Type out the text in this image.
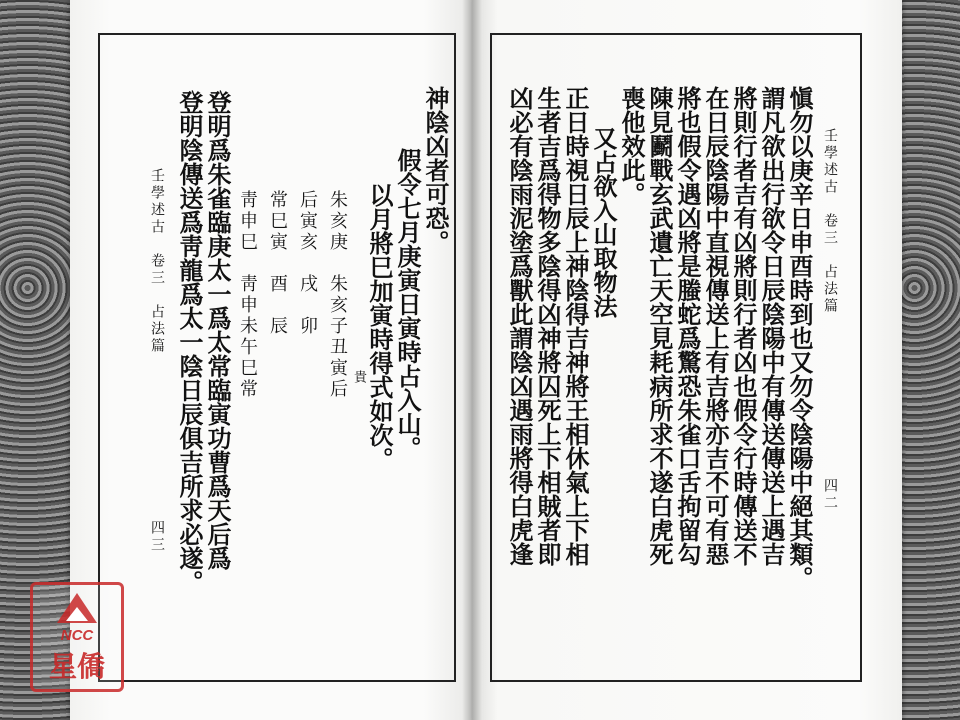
NCC
星僑
壬學述古　卷三　占法篇
四二
愼勿以庚辛日申酉時到也又勿令陰陽中絕其類。
謂凡欲出行欲令日辰陰陽中有傳送傳送上遇吉
將則行者吉有凶將則行者凶也假令行時傳送不
在日辰陰陽中直視傳送上有吉將亦吉不可有惡
將也假令遇凶將是螣蛇爲驚恐朱雀口舌拘留勾
陳見鬬戰玄武遺亡天空見耗病所求不遂白虎死
喪他效此。
又占欲入山取物法
正日時視日辰上神陰得吉神將王相休氣上下相
生者吉爲得物多陰得凶神將囚死上下相賊者即
凶必有陰雨泥塗爲獸此謂陰凶遇雨將得白虎逢
神陰凶者可恐。
假令七月庚寅日寅時占入山。
以月將巳加寅時得式如次。
貴
朱亥庚　朱亥子丑寅后
后寅亥　戌　卯
常巳寅　酉　辰
靑申巳　靑申未午巳常
登明爲朱雀臨庚太一爲太常臨寅功曹爲天后爲
登明陰傳送爲靑龍爲太一陰日辰俱吉所求必遂。
壬學述古　卷三　占法篇
四三
